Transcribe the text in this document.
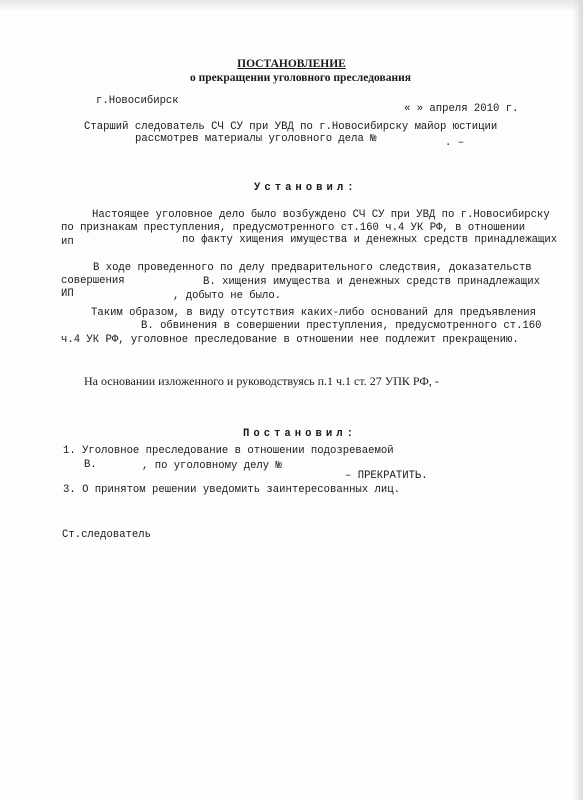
ПОСТАНОВЛЕНИЕ
о прекращении уголовного преследования
г.Новосибирск
« » апреля 2010 г.
Старший следователь СЧ СУ при УВД по г.Новосибирску майор юстиции
рассмотрев материалы уголовного дела №	. –
Установил:
Настоящее уголовное дело было возбуждено СЧ СУ при УВД по г.Новосибирску
по признакам преступления, предусмотренного ст.160 ч.4 УК РФ, в отношении
ип	по факту хищения имущества и денежных средств принадлежащих
В ходе проведенного по делу предварительного следствия, доказательств
совершения	В. хищения имущества и денежных средств принадлежащих
ИП	, добыто не было.
Таким образом, в виду отсутствия каких-либо оснований для предъявления
В. обвинения в совершении преступления, предусмотренного ст.160
ч.4 УК РФ, уголовное преследование в отношении нее подлежит прекращению.
На основании изложенного и руководствуясь п.1 ч.1 ст. 27 УПК РФ, -
Постановил:
1. Уголовное преследование в отношении подозреваемой
В.	, по уголовному делу №
– ПРЕКРАТИТЬ.
3. О принятом решении уведомить заинтересованных лиц.
Ст.следователь
